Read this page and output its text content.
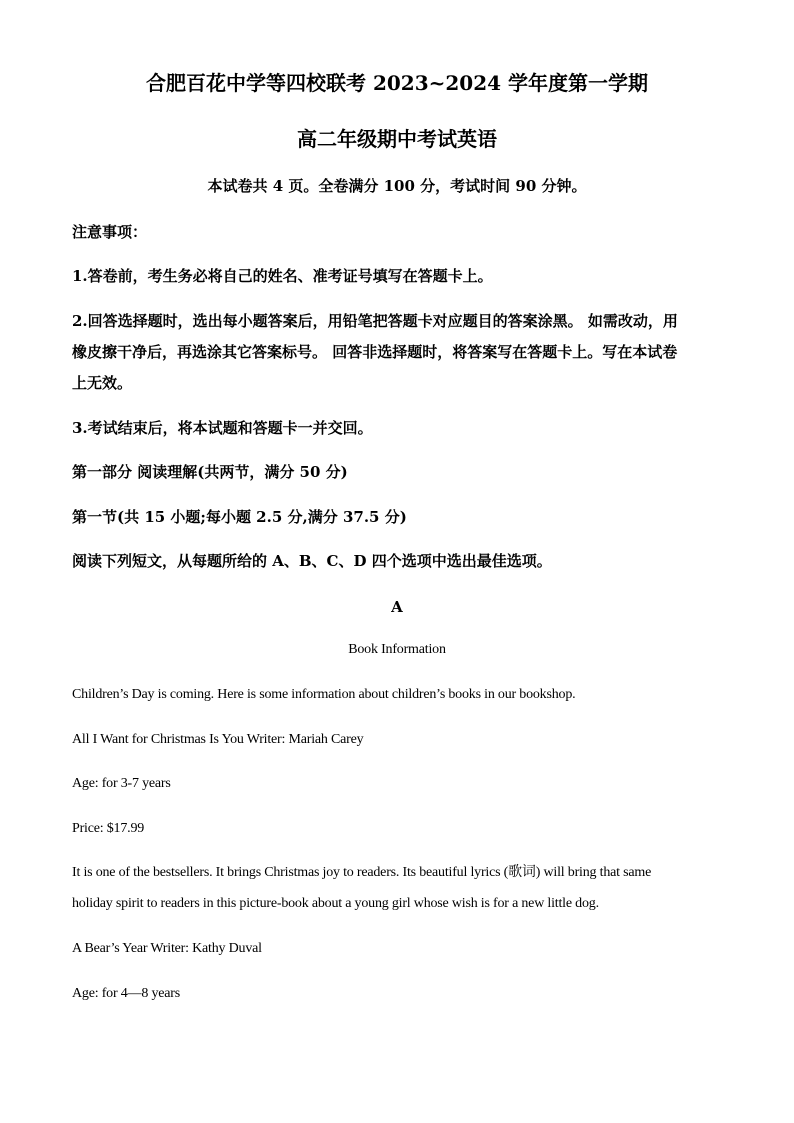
合肥百花中学等四校联考 2023~2024 学年度第一学期
高二年级期中考试英语
本试卷共 4 页。全卷满分 100 分，考试时间 90 分钟。
注意事项：
1.答卷前，考生务必将自己的姓名、准考证号填写在答题卡上。
2.回答选择题时，选出每小题答案后，用铅笔把答题卡对应题目的答案涂黑。 如需改动，用
橡皮擦干净后，再选涂其它答案标号。 回答非选择题时，将答案写在答题卡上。写在本试卷
上无效。
3.考试结束后，将本试题和答题卡一并交回。
第一部分 阅读理解(共两节，满分 50 分)
第一节(共 15 小题;每小题 2.5 分,满分 37.5 分)
阅读下列短文，从每题所给的 A、B、C、D 四个选项中选出最佳选项。
A
Book Information
Children’s Day is coming. Here is some information about children’s books in our bookshop.
All I Want for Christmas Is You Writer: Mariah Carey
Age: for 3-7 years
Price: $17.99
It is one of the bestsellers. It brings Christmas joy to readers. Its beautiful lyrics (歌词) will bring that same
holiday spirit to readers in this picture-book about a young girl whose wish is for a new little dog.
A Bear’s Year Writer: Kathy Duval
Age: for 4—8 years
